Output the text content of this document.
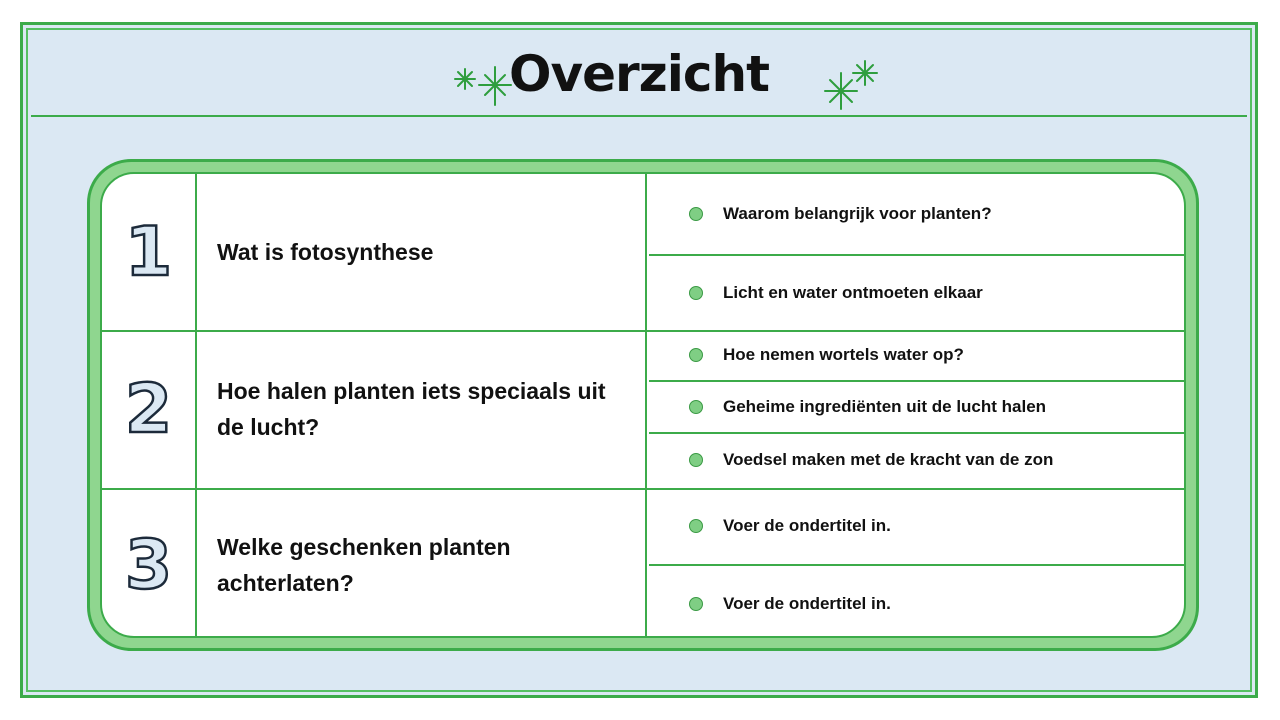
Overzicht
1 Wat is fotosynthese
Waarom belangrijk voor planten?
Licht en water ontmoeten elkaar
2 Hoe halen planten iets speciaals uit de lucht?
Hoe nemen wortels water op?
Geheime ingrediënten uit de lucht halen
Voedsel maken met de kracht van de zon
3 Welke geschenken planten achterlaten?
Voer de ondertitel in.
Voer de ondertitel in.
